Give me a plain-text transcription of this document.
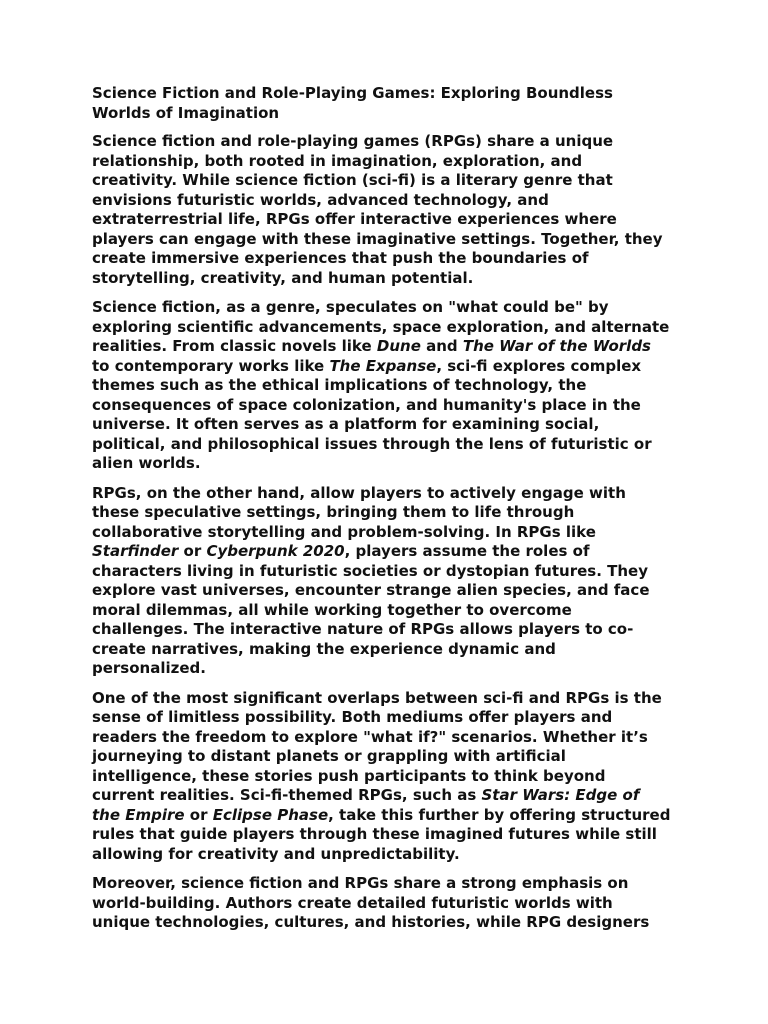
Science Fiction and Role-Playing Games: Exploring Boundless Worlds of Imagination

Science fiction and role-playing games (RPGs) share a unique relationship, both rooted in imagination, exploration, and creativity. While science fiction (sci-fi) is a literary genre that envisions futuristic worlds, advanced technology, and extraterrestrial life, RPGs offer interactive experiences where players can engage with these imaginative settings. Together, they create immersive experiences that push the boundaries of storytelling, creativity, and human potential.

Science fiction, as a genre, speculates on "what could be" by exploring scientific advancements, space exploration, and alternate realities. From classic novels like Dune and The War of the Worlds to contemporary works like The Expanse, sci-fi explores complex themes such as the ethical implications of technology, the consequences of space colonization, and humanity's place in the universe. It often serves as a platform for examining social, political, and philosophical issues through the lens of futuristic or alien worlds.

RPGs, on the other hand, allow players to actively engage with these speculative settings, bringing them to life through collaborative storytelling and problem-solving. In RPGs like Starfinder or Cyberpunk 2020, players assume the roles of characters living in futuristic societies or dystopian futures. They explore vast universes, encounter strange alien species, and face moral dilemmas, all while working together to overcome challenges. The interactive nature of RPGs allows players to co-create narratives, making the experience dynamic and personalized.

One of the most significant overlaps between sci-fi and RPGs is the sense of limitless possibility. Both mediums offer players and readers the freedom to explore "what if?" scenarios. Whether it’s journeying to distant planets or grappling with artificial intelligence, these stories push participants to think beyond current realities. Sci-fi-themed RPGs, such as Star Wars: Edge of the Empire or Eclipse Phase, take this further by offering structured rules that guide players through these imagined futures while still allowing for creativity and unpredictability.

Moreover, science fiction and RPGs share a strong emphasis on world-building. Authors create detailed futuristic worlds with unique technologies, cultures, and histories, while RPG designers
